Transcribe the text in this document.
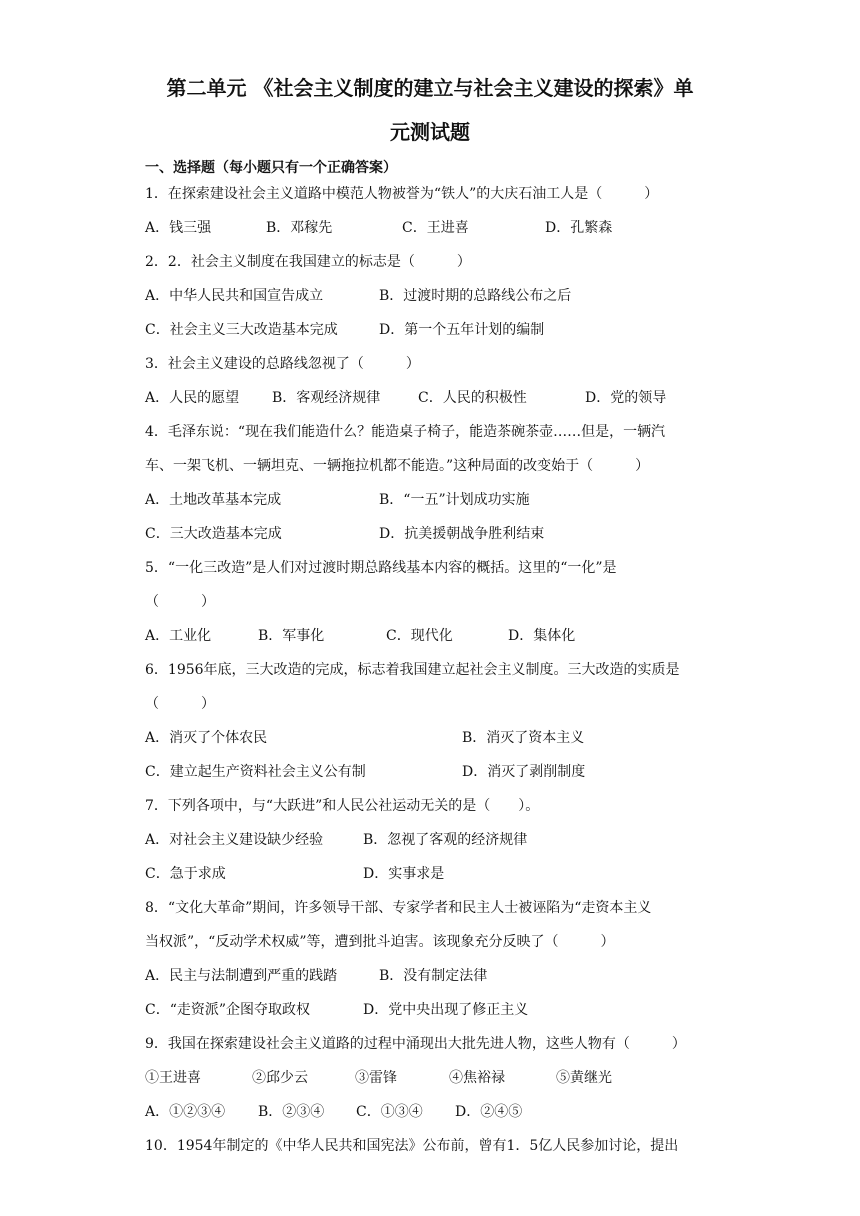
第二单元 《社会主义制度的建立与社会主义建设的探索》单
元测试题
一、选择题（每小题只有一个正确答案）
1．在探索建设社会主义道路中模范人物被誉为“铁人”的大庆石油工人是（　　　）
A．钱三强	B．邓稼先	C．王进喜	D．孔繁森
2．2．社会主义制度在我国建立的标志是（　　　）
A．中华人民共和国宣告成立	B．过渡时期的总路线公布之后
C．社会主义三大改造基本完成	D．第一个五年计划的编制
3．社会主义建设的总路线忽视了（　　　）
A．人民的愿望 B．客观经济规律	C．人民的积极性	D．党的领导
4．毛泽东说：“现在我们能造什么？能造桌子椅子，能造茶碗茶壶……但是，一辆汽
车、一架飞机、一辆坦克、一辆拖拉机都不能造。”这种局面的改变始于（　　　）
A．土地改革基本完成	B．“一五”计划成功实施
C．三大改造基本完成	D．抗美援朝战争胜利结束
5．“一化三改造”是人们对过渡时期总路线基本内容的概括。这里的“一化”是
（　　　）
A．工业化	B．军事化	C．现代化	D．集体化
6．1956年底，三大改造的完成，标志着我国建立起社会主义制度。三大改造的实质是
（　　　）
A．消灭了个体农民	B．消灭了资本主义
C．建立起生产资料社会主义公有制	D．消灭了剥削制度
7．下列各项中，与“大跃进”和人民公社运动无关的是（　　）。
A．对社会主义建设缺少经验	B．忽视了客观的经济规律
C．急于求成	D．实事求是
8．“文化大革命”期间，许多领导干部、专家学者和民主人士被诬陷为“走资本主义
当权派”，“反动学术权威”等，遭到批斗迫害。该现象充分反映了（　　　）
A．民主与法制遭到严重的践踏	B．没有制定法律
C．“走资派”企图夺取政权	D．党中央出现了修正主义
9．我国在探索建设社会主义道路的过程中涌现出大批先进人物，这些人物有（　　　）
①王进喜	②邱少云	③雷锋	④焦裕禄	⑤黄继光
A．①②③④ B．②③④ C．①③④ D．②④⑤
10．1954年制定的《中华人民共和国宪法》公布前，曾有1．5亿人民参加讨论，提出
